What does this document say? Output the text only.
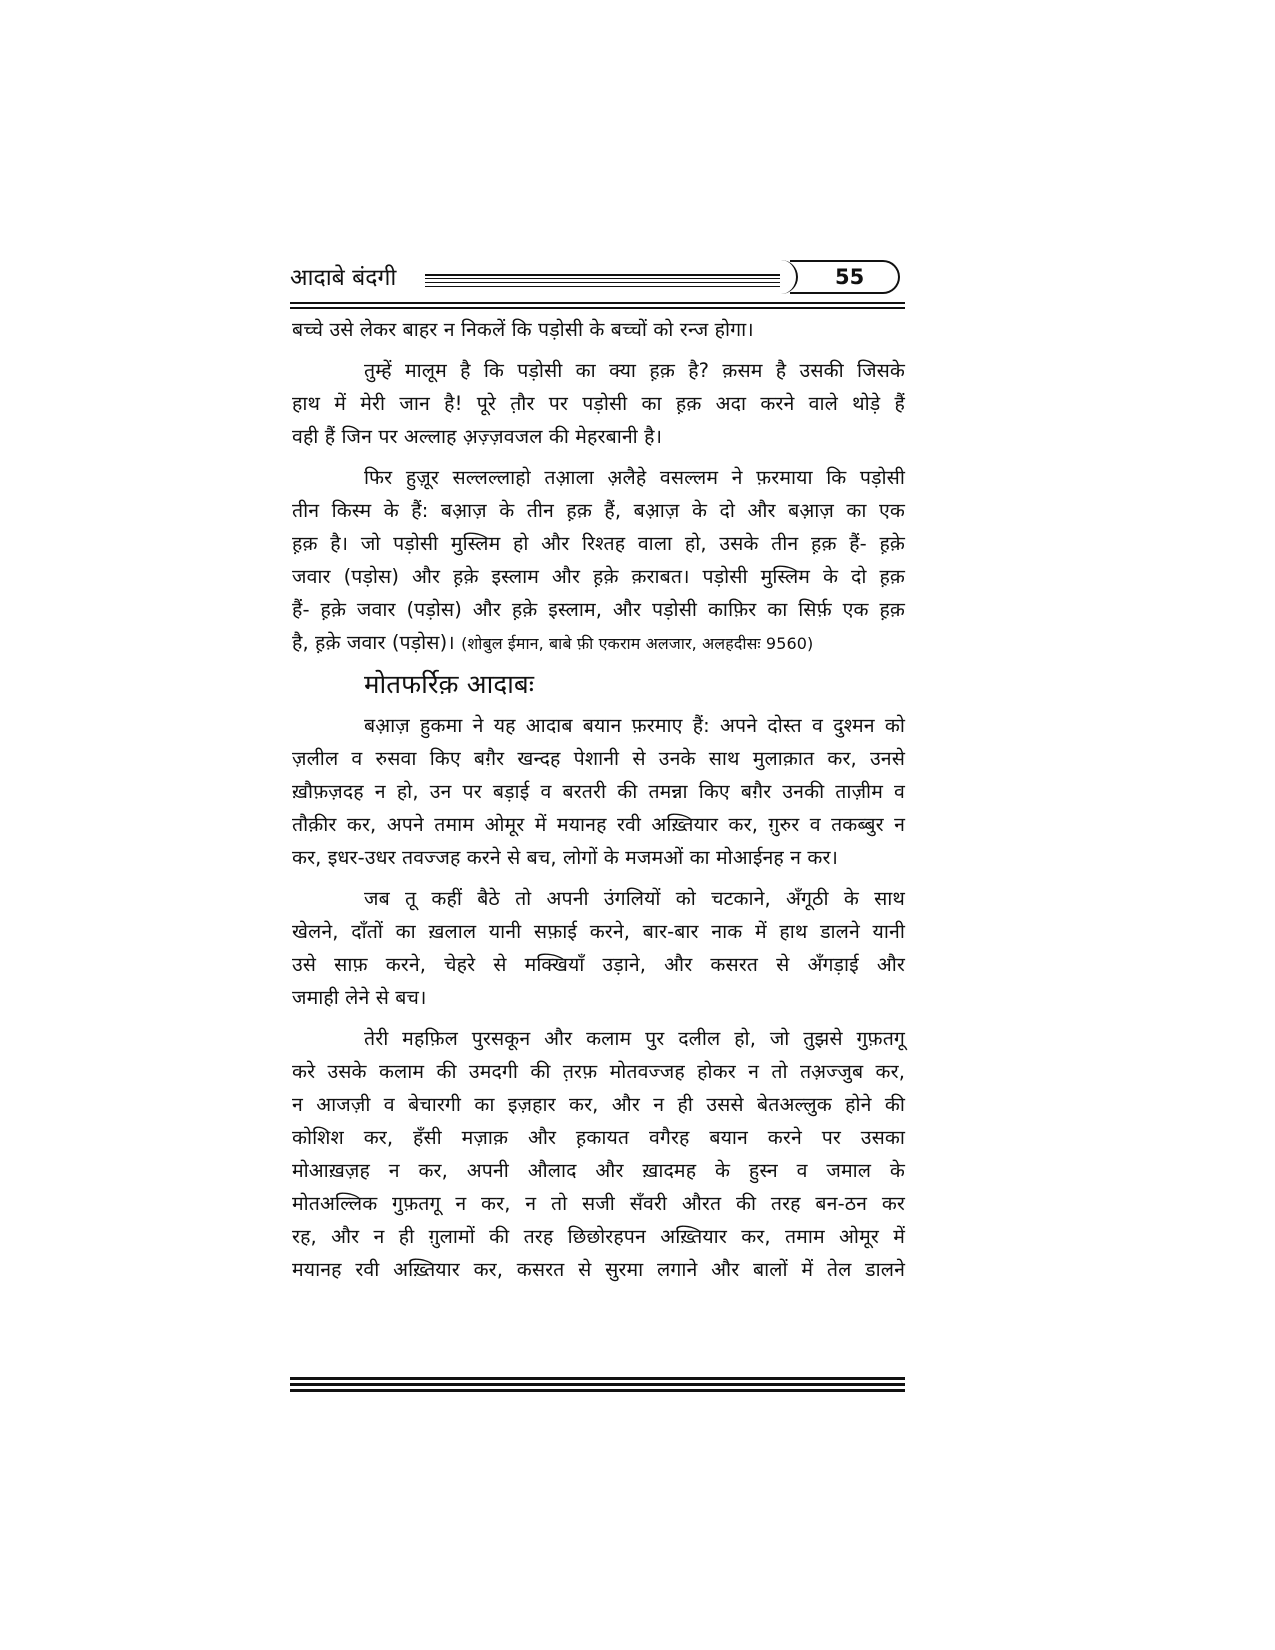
आदाबे बंदगी	55
बच्चे उसे लेकर बाहर न निकलें कि पड़ोसी के बच्चों को रन्ज होगा।
तुम्हें मालूम है कि पड़ोसी का क्या ह़क़ है? क़सम है उसकी जिसके
हाथ में मेरी जान है! पूरे त़ौर पर पड़ोसी का ह़क़ अदा करने वाले थोड़े हैं
वही हैं जिन पर अल्लाह अ़ज़्ज़वजल की मेहरबानी है।
फिर हुज़ूर सल्लल्लाहो तआ़ला अ़लैहे वसल्लम ने फ़रमाया कि पड़ोसी
तीन किस्म के हैं: बआ़ज़ के तीन ह़क़ हैं, बआ़ज़ के दो और बआ़ज़ का एक
ह़क़ है। जो पड़ोसी मुस्लिम हो और रिश्तह वाला हो, उसके तीन ह़क़ हैं- ह़क़े
जवार (पड़ोस) और ह़क़े इस्लाम और ह़क़े क़राबत। पड़ोसी मुस्लिम के दो ह़क़
हैं- ह़क़े जवार (पड़ोस) और ह़क़े इस्लाम, और पड़ोसी काफ़िर का सिर्फ़ एक ह़क़
है, ह़क़े जवार (पड़ोस)। (शोबुल ईमान, बाबे फ़ी एकराम अलजार, अलहदीसः 9560)
मोतफर्रिक़ आदाबः
बआ़ज़ हुकमा ने यह आदाब बयान फ़रमाए हैं: अपने दोस्त व दुश्मन को
ज़लील व रुसवा किए बग़ैर खन्दह पेशानी से उनके साथ मुलाक़ात कर, उनसे
ख़ौफ़ज़दह न हो, उन पर बड़ाई व बरतरी की तमन्ना किए बग़ैर उनकी ताज़ीम व
तौक़ीर कर, अपने तमाम ओमूर में मयानह रवी अख़्तियार कर, ग़ुरुर व तकब्बुर न
कर, इधर-उधर तवज्जह करने से बच, लोगों के मजमओं का मोआईनह न कर।
जब तू कहीं बैठे तो अपनी उंगलियों को चटकाने, अँगूठी के साथ
खेलने, दाँतों का ख़लाल यानी सफ़ाई करने, बार-बार नाक में हाथ डालने यानी
उसे साफ़ करने, चेहरे से मक्खियाँ उड़ाने, और कसरत से अँगड़ाई और
जमाही लेने से बच।
तेरी महफ़िल पुरसकून और कलाम पुर दलील हो, जो तुझसे गुफ़तगू
करे उसके कलाम की उमदगी की त़रफ़ मोतवज्जह होकर न तो तअ़ज्जुब कर,
न आजज़ी व बेचारगी का इज़हार कर, और न ही उससे बेतअल्लुक होने की
कोशिश कर, हँसी मज़ाक़ और ह़कायत वगैरह बयान करने पर उसका
मोआख़ज़ह न कर, अपनी औलाद और ख़ादमह के हुस्न व जमाल के
मोतअल्लिक गुफ़तगू न कर, न तो सजी सँवरी औरत की तरह बन-ठन कर
रह, और न ही ग़ुलामों की तरह छिछोरहपन अख़्तियार कर, तमाम ओमूर में
मयानह रवी अख़्तियार कर, कसरत से सुरमा लगाने और बालों में तेल डालने
